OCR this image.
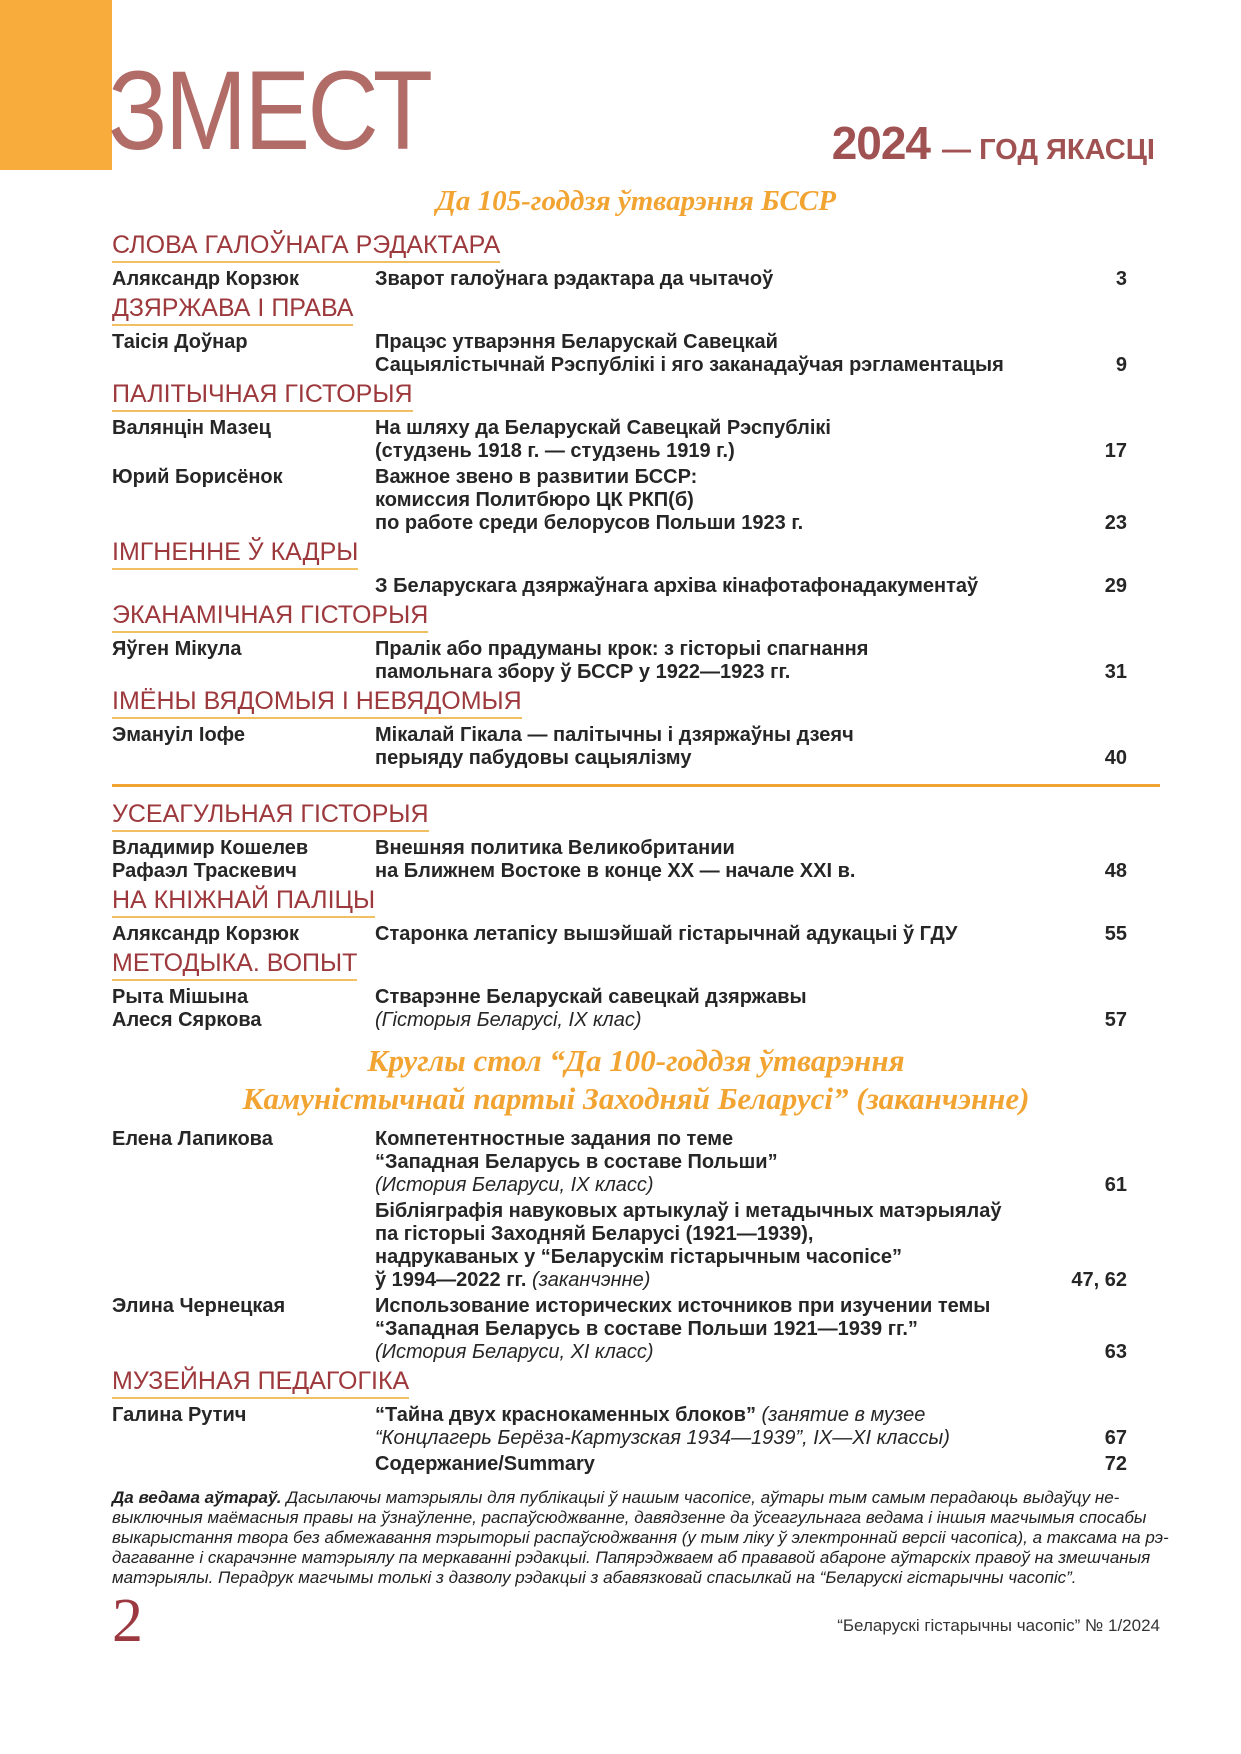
ЗМЕСТ	2024 — ГОД ЯКАСЦІ
Да 105-годдзя ўтварэння БССР
СЛОВА ГАЛОЎНАГА РЭДАКТАРА
Аляксандр Корзюк	Зварот галоўнага рэдактара да чытачоў	3
ДЗЯРЖАВА І ПРАВА
Таісія Доўнар	Працэс утварэння Беларускай Савецкай
Сацыялістычнай Рэспублікі і яго заканадаўчая рэгламентацыя	9
ПАЛІТЫЧНАЯ ГІСТОРЫЯ
Валянцін Мазец	На шляху да Беларускай Савецкай Рэспублікі
(студзень 1918 г. — студзень 1919 г.)	17
Юрий Борисёнок	Важное звено в развитии БССР:
комиссия Политбюро ЦК РКП(б)
по работе среди белорусов Польши 1923 г.	23
ІМГНЕННЕ Ў КАДРЫ
З Беларускага дзяржаўнага архіва кінафотафонадакументаў	29
ЭКАНАМІЧНАЯ ГІСТОРЫЯ
Яўген Мікула	Пралік або прадуманы крок: з гісторыі спагнання
памольнага збору ў БССР у 1922—1923 гг.	31
ІМЁНЫ ВЯДОМЫЯ І НЕВЯДОМЫЯ
Эмануіл Іофе	Мікалай Гікала — палітычны і дзяржаўны дзеяч
перыяду пабудовы сацыялізму	40
УСЕАГУЛЬНАЯ ГІСТОРЫЯ
Владимир Кошелев	Внешняя политика Великобритании
Рафаэл Траскевич	на Ближнем Востоке в конце XX — начале XXI в.	48
НА КНІЖНАЙ ПАЛІЦЫ
Аляксандр Корзюк	Старонка летапісу вышэйшай гістарычнай адукацыі ў ГДУ	55
МЕТОДЫКА. ВОПЫТ
Рыта Мішына	Стварэнне Беларускай савецкай дзяржавы
Алеся Сяркова	(Гісторыя Беларусі, IX клас)	57
Круглы стол “Да 100-годдзя ўтварэння
Камуністычнай партыі Заходняй Беларусі” (заканчэнне)
Елена Лапикова	Компетентностные задания по теме
“Западная Беларусь в составе Польши”
(История Беларуси, IX класс)	61
Бібліяграфія навуковых артыкулаў і метадычных матэрыялаў
па гісторыі Заходняй Беларусі (1921—1939),
надрукаваных у “Беларускім гістарычным часопісе”
ў 1994—2022 гг. (заканчэнне)	47, 62
Элина Чернецкая	Использование исторических источников при изучении темы
“Западная Беларусь в составе Польши 1921—1939 гг.”
(История Беларуси, XI класс)	63
МУЗЕЙНАЯ ПЕДАГОГІКА
Галина Рутич	“Тайна двух краснокаменных блоков” (занятие в музее
“Концлагерь Берёза-Картузская 1934—1939”, IX—XI классы)	67
Содержание/Summary	72
Да ведама аўтараў. Дасылаючы матэрыялы для публікацыі ў нашым часопісе, аўтары тым самым перадаюць выдаўцу не-
выключныя маёмасныя правы на ўзнаўленне, распаўсюджванне, давядзенне да ўсеагульнага ведама і іншыя магчымыя спосабы
выкарыстання твора без абмежавання тэрыторыі распаўсюджвання (у тым ліку ў электроннай версіі часопіса), а таксама на рэ-
дагаванне і скарачэнне матэрыялу па меркаванні рэдакцыі. Папярэджваем аб прававой абароне аўтарскіх правоў на змешчаныя
матэрыялы. Перадрук магчымы толькі з дазволу рэдакцыі з абавязковай спасылкай на “Беларускі гістарычны часопіс”.
2	“Беларускі гістарычны часопіс” № 1/2024
